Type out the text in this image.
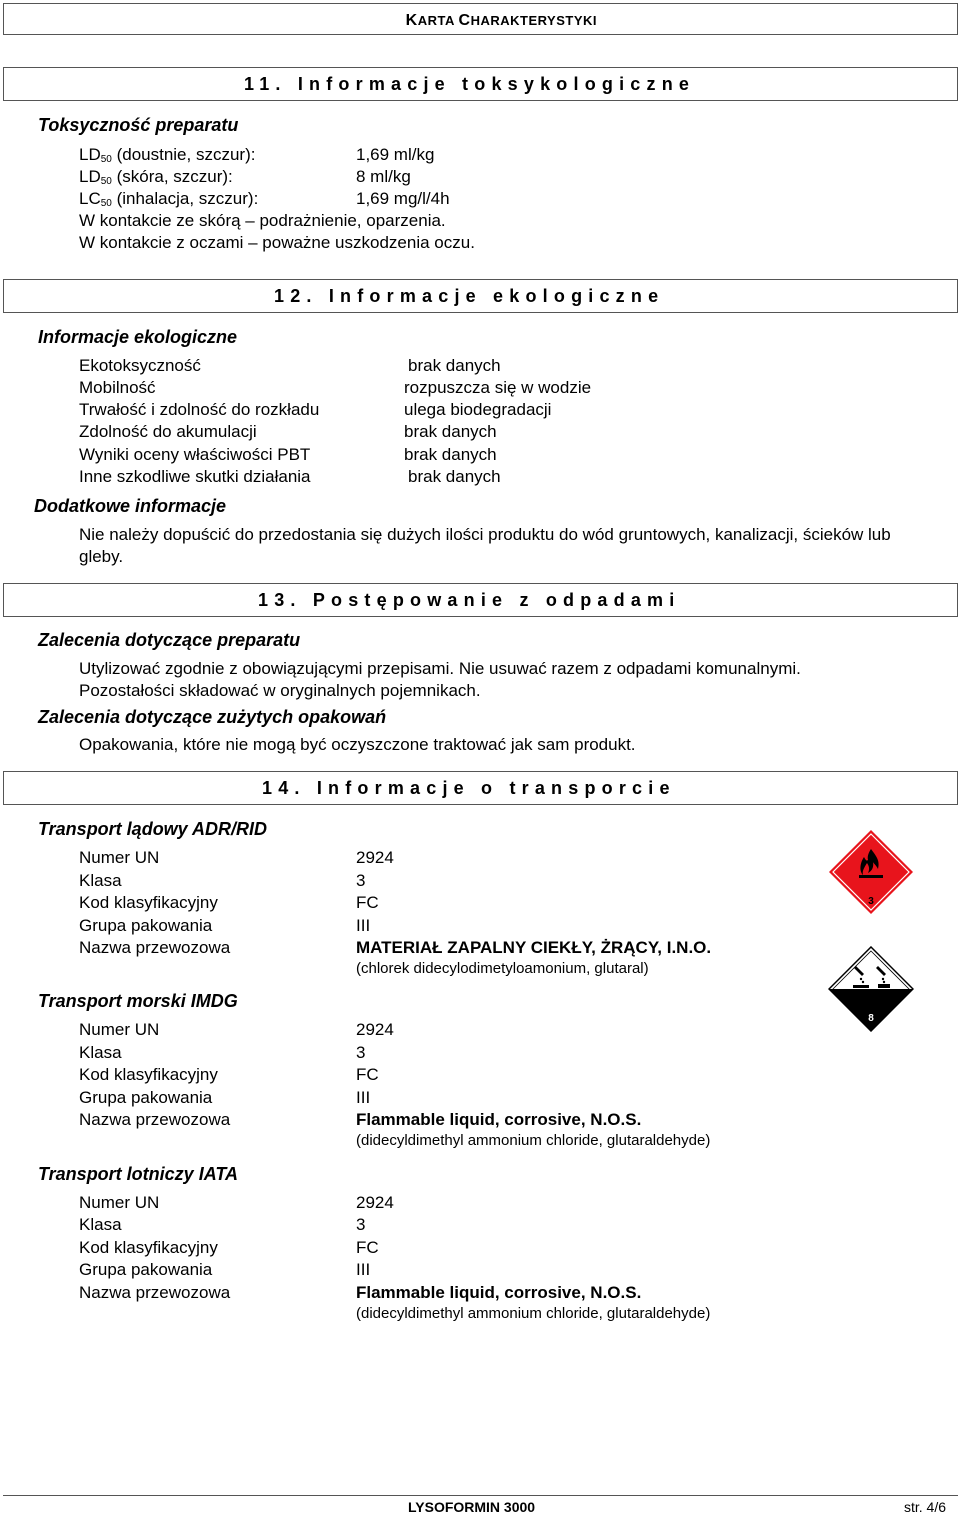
KARTA CHARAKTERYSTYKI
11. Informacje toksykologiczne
Toksyczność preparatu
$LD_{50}$ (doustnie, szczur):	1,69 ml/kg
$LD_{50}$ (skóra, szczur):	8 ml/kg
$LC_{50}$ (inhalacja, szczur):	1,69 mg/l/4h
W kontakcie ze skórą – podrażnienie, oparzenia.
W kontakcie z oczami – poważne uszkodzenia oczu.
12. Informacje ekologiczne
Informacje ekologiczne
Ekotoksyczność	brak danych
Mobilność	rozpuszcza się w wodzie
Trwałość i zdolność do rozkładu	ulega biodegradacji
Zdolność do akumulacji	brak danych
Wyniki oceny właściwości PBT	brak danych
Inne szkodliwe skutki działania	brak danych
Dodatkowe informacje
Nie należy dopuścić do przedostania się dużych ilości produktu do wód gruntowych, kanalizacji, ścieków lub gleby.
13. Postępowanie z odpadami
Zalecenia dotyczące preparatu
Utylizować zgodnie z obowiązującymi przepisami. Nie usuwać razem z odpadami komunalnymi.
Pozostałości składować w oryginalnych pojemnikach.
Zalecenia dotyczące zużytych opakowań
Opakowania, które nie mogą być oczyszczone traktować jak sam produkt.
14. Informacje o transporcie
Transport lądowy ADR/RID
Numer UN	2924
Klasa	3
Kod klasyfikacyjny	FC
Grupa pakowania	III
Nazwa przewozowa	MATERIAŁ ZAPALNY CIEKŁY, ŻRĄCY, I.N.O.
(chlorek didecylodimetyloamonium, glutaral)
Transport morski IMDG
Numer UN	2924
Klasa	3
Kod klasyfikacyjny	FC
Grupa pakowania	III
Nazwa przewozowa	Flammable liquid, corrosive, N.O.S.
(didecyldimethyl ammonium chloride, glutaraldehyde)
Transport lotniczy IATA
Numer UN	2924
Klasa	3
Kod klasyfikacyjny	FC
Grupa pakowania	III
Nazwa przewozowa	Flammable liquid, corrosive, N.O.S.
(didecyldimethyl ammonium chloride, glutaraldehyde)
3
8
LYSOFORMIN 3000	str. 4/6
